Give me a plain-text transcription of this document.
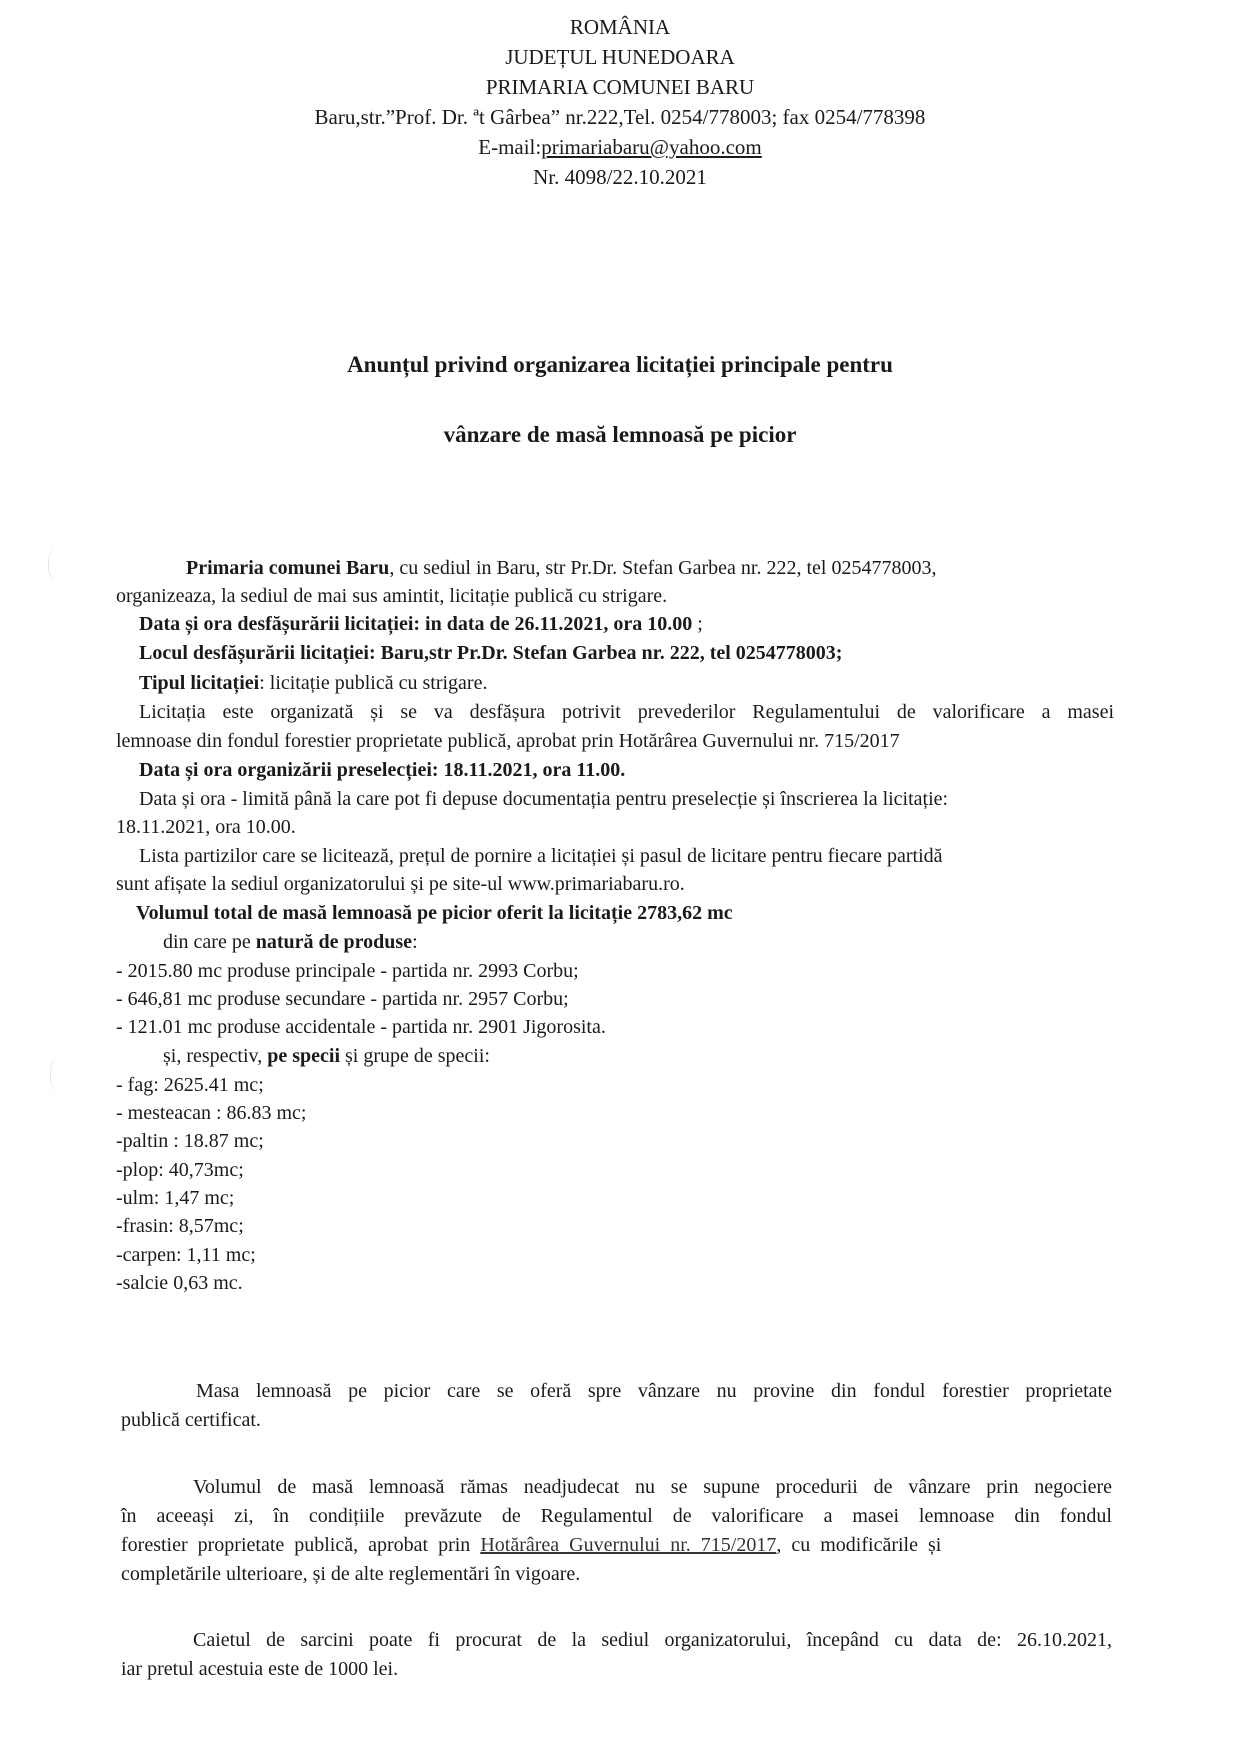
ROMÂNIA
JUDEȚUL HUNEDOARA
PRIMARIA COMUNEI BARU
Baru,str.”Prof. Dr. ªt Gârbea” nr.222,Tel. 0254/778003; fax 0254/778398
E-mail:primariabaru@yahoo.com
Nr. 4098/22.10.2021
Anunțul privind organizarea licitației principale pentru
vânzare de masă lemnoasă pe picior
Primaria comunei Baru, cu sediul in Baru, str Pr.Dr. Stefan Garbea nr. 222, tel 0254778003,
organizeaza, la sediul de mai sus amintit, licitație publică cu strigare.
Data și ora desfășurării licitației: in data de 26.11.2021, ora 10.00 ;
Locul desfășurării licitației: Baru,str Pr.Dr. Stefan Garbea nr. 222, tel 0254778003;
Tipul licitației: licitație publică cu strigare.
Licitația este organizată și se va desfășura potrivit prevederilor Regulamentului de valorificare a masei
lemnoase din fondul forestier proprietate publică, aprobat prin Hotărârea Guvernului nr. 715/2017
Data și ora organizării preselecției: 18.11.2021, ora 11.00.
Data și ora - limită până la care pot fi depuse documentația pentru preselecție și înscrierea la licitație:
18.11.2021, ora 10.00.
Lista partizilor care se licitează, prețul de pornire a licitației și pasul de licitare pentru fiecare partidă
sunt afișate la sediul organizatorului și pe site-ul www.primariabaru.ro.
Volumul total de masă lemnoasă pe picior oferit la licitație 2783,62 mc
din care pe natură de produse:
- 2015.80 mc produse principale - partida nr. 2993 Corbu;
- 646,81 mc produse secundare - partida nr. 2957 Corbu;
- 121.01 mc produse accidentale - partida nr. 2901 Jigorosita.
și, respectiv, pe specii și grupe de specii:
- fag: 2625.41 mc;
- mesteacan : 86.83 mc;
-paltin : 18.87 mc;
-plop: 40,73mc;
-ulm: 1,47 mc;
-frasin: 8,57mc;
-carpen: 1,11 mc;
-salcie 0,63 mc.
Masa lemnoasă pe picior care se oferă spre vânzare nu provine din fondul forestier proprietate
publică certificat.
Volumul de masă lemnoasă rămas neadjudecat nu se supune procedurii de vânzare prin negociere
în aceeași zi, în condițiile prevăzute de Regulamentul de valorificare a masei lemnoase din fondul
forestier  proprietate  publică,  aprobat  prin  Hotărârea  Guvernului  nr.  715/2017,  cu  modificările  și
completările ulterioare, și de alte reglementări în vigoare.
Caietul de sarcini poate fi procurat de la sediul organizatorului, începând cu data de: 26.10.2021,
iar pretul acestuia este de 1000 lei.
